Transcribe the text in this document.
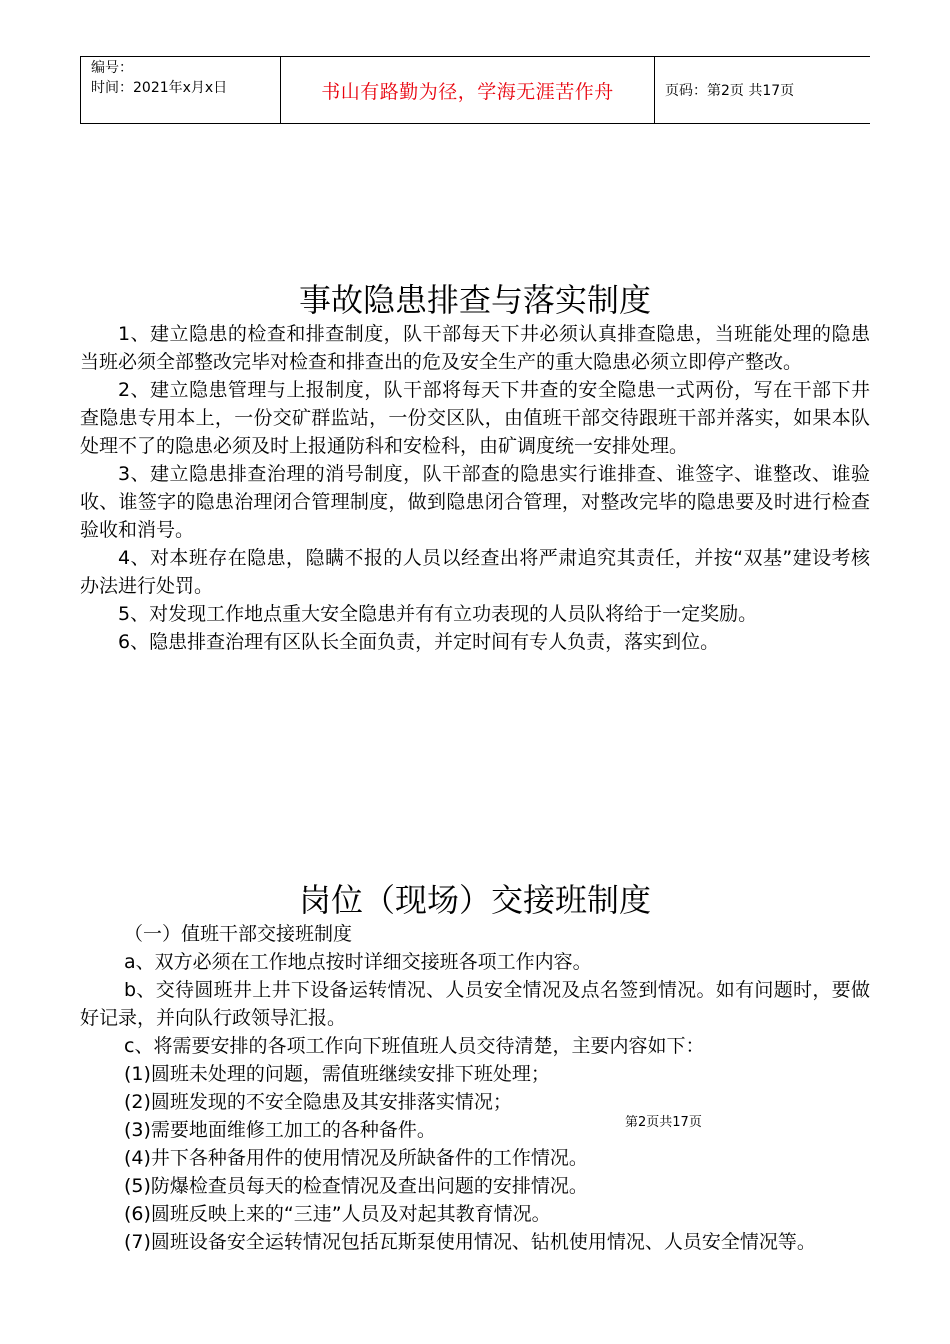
编号：
时间：2021年x月x日	书山有路勤为径，学海无涯苦作舟	页码：第2页 共17页
事故隐患排查与落实制度

1、建立隐患的检查和排查制度，队干部每天下井必须认真排查隐患，当班能处理的隐患当班必须全部整改完毕对检查和排查出的危及安全生产的重大隐患必须立即停产整改。

2、建立隐患管理与上报制度，队干部将每天下井查的安全隐患一式两份，写在干部下井查隐患专用本上，一份交矿群监站，一份交区队，由值班干部交待跟班干部并落实，如果本队处理不了的隐患必须及时上报通防科和安检科，由矿调度统一安排处理。

3、建立隐患排查治理的消号制度，队干部查的隐患实行谁排查、谁签字、谁整改、谁验收、谁签字的隐患治理闭合管理制度，做到隐患闭合管理，对整改完毕的隐患要及时进行检查验收和消号。

4、对本班存在隐患，隐瞒不报的人员以经查出将严肃追究其责任，并按“双基”建设考核办法进行处罚。

5、对发现工作地点重大安全隐患并有有立功表现的人员队将给于一定奖励。

6、隐患排查治理有区队长全面负责，并定时间有专人负责，落实到位。

岗位（现场）交接班制度

（一）值班干部交接班制度

a、双方必须在工作地点按时详细交接班各项工作内容。

b、交待圆班井上井下设备运转情况、人员安全情况及点名签到情况。如有问题时，要做好记录，并向队行政领导汇报。

c、将需要安排的各项工作向下班值班人员交待清楚，主要内容如下：

(1)圆班未处理的问题，需值班继续安排下班处理；

(2)圆班发现的不安全隐患及其安排落实情况；

(3)需要地面维修工加工的各种备件。

(4)井下各种备用件的使用情况及所缺备件的工作情况。

(5)防爆检查员每天的检查情况及查出问题的安排情况。

(6)圆班反映上来的“三违”人员及对起其教育情况。

(7)圆班设备安全运转情况包括瓦斯泵使用情况、钻机使用情况、人员安全情况等。

第2页共17页
